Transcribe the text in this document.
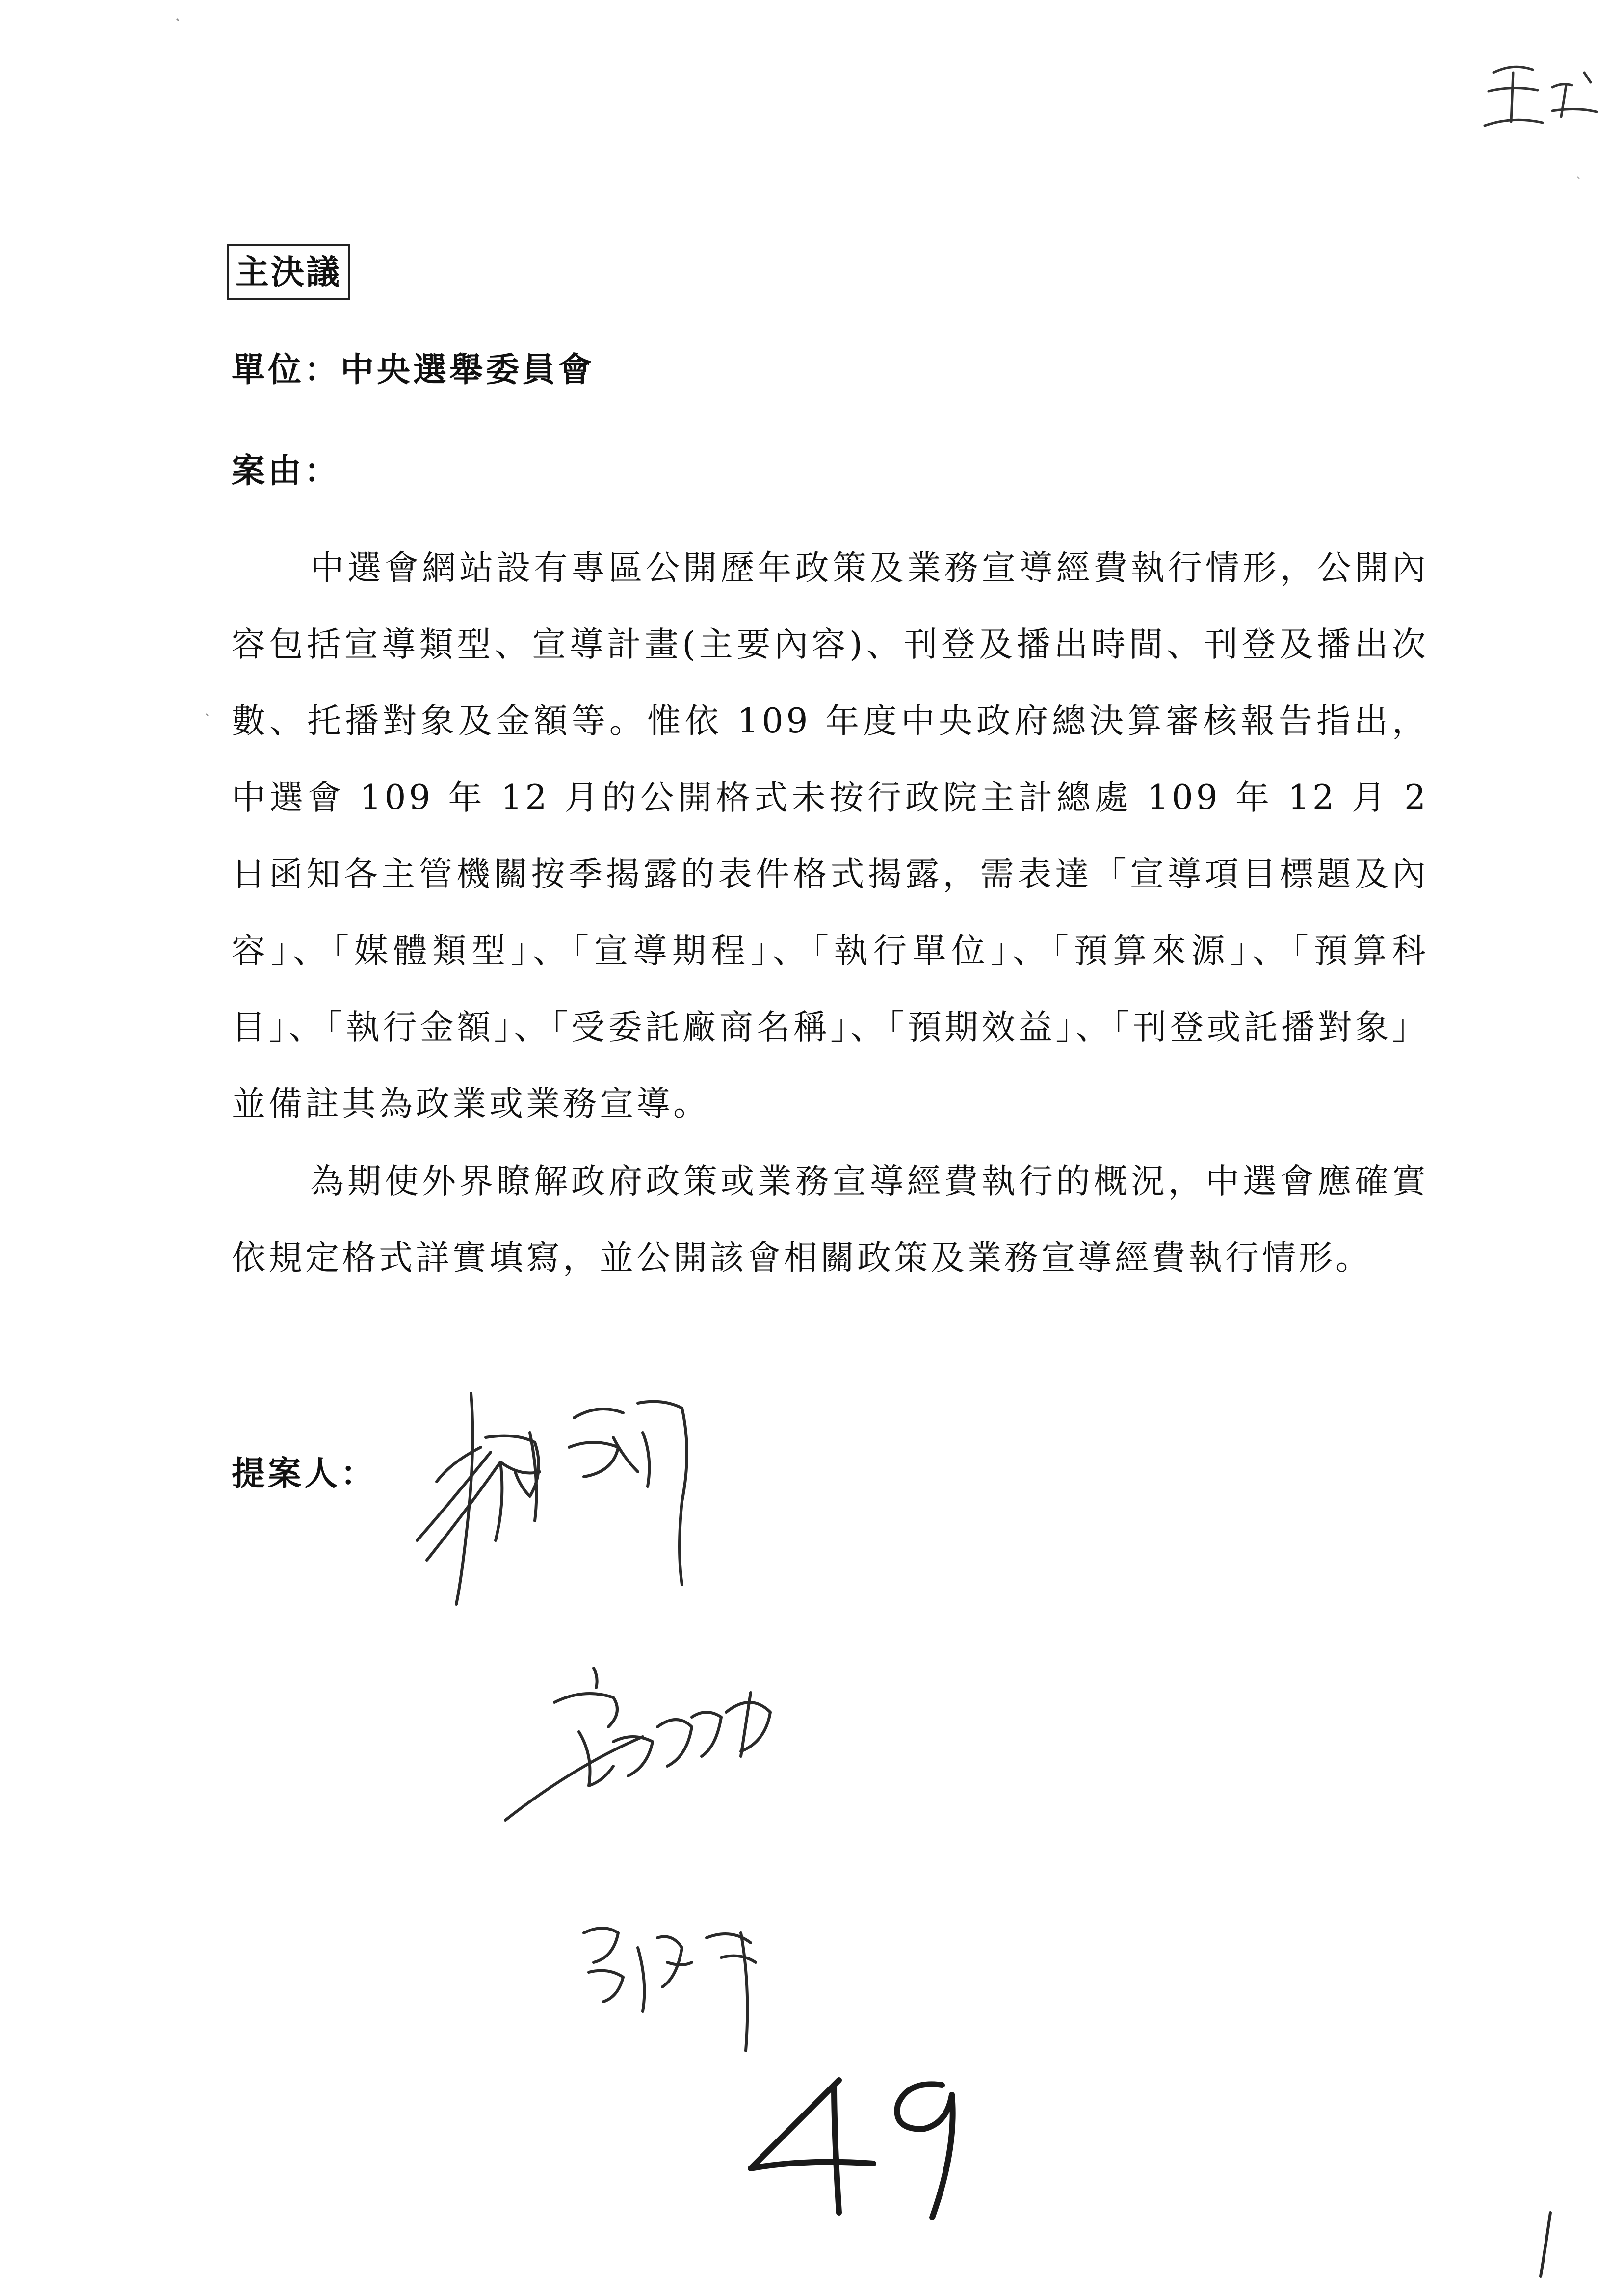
主決議
單位：中央選舉委員會
案由：

中選會網站設有專區公開歷年政策及業務宣導經費執行情形，公開內容包括宣導類型、宣導計畫(主要內容)、刊登及播出時間、刊登及播出次數、托播對象及金額等。惟依 109 年度中央政府總決算審核報告指出，中選會 109 年 12 月的公開格式未按行政院主計總處 109 年 12 月 2 日函知各主管機關按季揭露的表件格式揭露，需表達「宣導項目標題及內容」、「媒體類型」、「宣導期程」、「執行單位」、「預算來源」、「預算科目」、「執行金額」、「受委託廠商名稱」、「預期效益」、「刊登或託播對象」並備註其為政業或業務宣導。

為期使外界瞭解政府政策或業務宣導經費執行的概況，中選會應確實依規定格式詳實填寫，並公開該會相關政策及業務宣導經費執行情形。

提案人：
